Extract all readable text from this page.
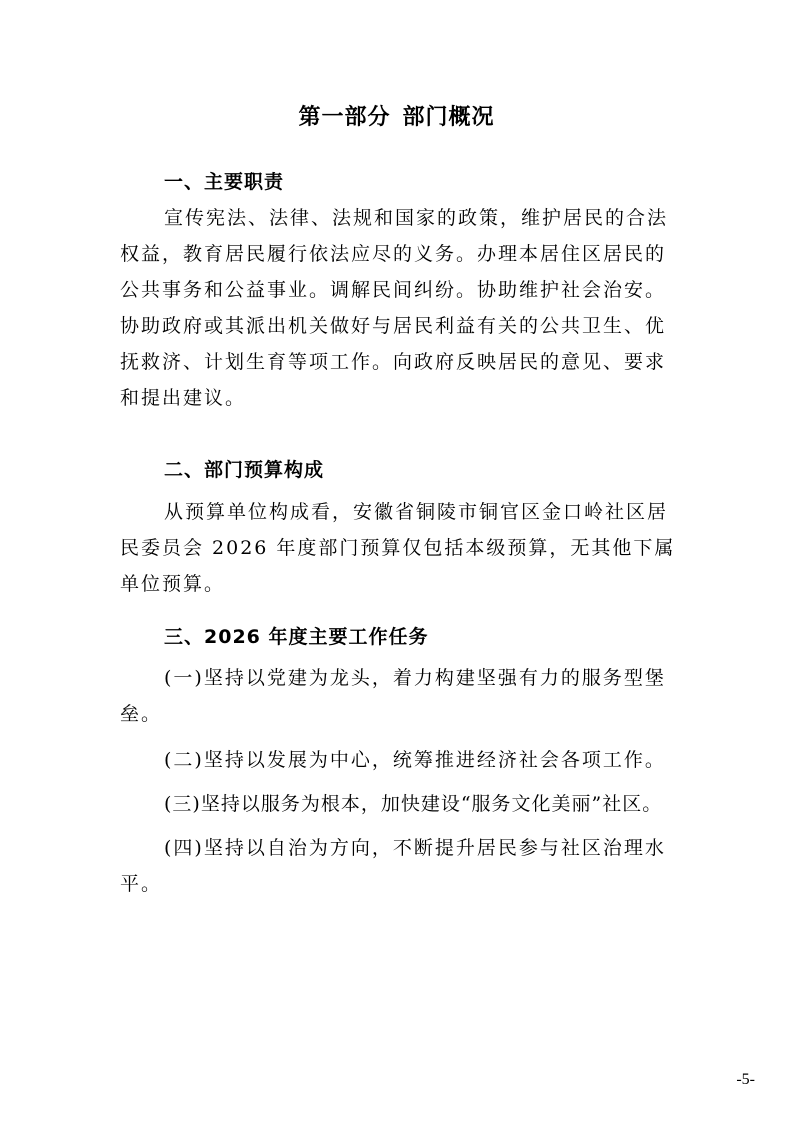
第一部分 部门概况
一、主要职责
宣传宪法、法律、法规和国家的政策，维护居民的合法
权益，教育居民履行依法应尽的义务。办理本居住区居民的
公共事务和公益事业。调解民间纠纷。协助维护社会治安。
协助政府或其派出机关做好与居民利益有关的公共卫生、优
抚救济、计划生育等项工作。向政府反映居民的意见、要求
和提出建议。
二、部门预算构成
从预算单位构成看，安徽省铜陵市铜官区金口岭社区居
民委员会 2026 年度部门预算仅包括本级预算，无其他下属
单位预算。
三、2026 年度主要工作任务
(一)坚持以党建为龙头，着力构建坚强有力的服务型堡
垒。
(二)坚持以发展为中心，统筹推进经济社会各项工作。
(三)坚持以服务为根本，加快建设“服务文化美丽”社区。
(四)坚持以自治为方向，不断提升居民参与社区治理水
平。
-5-
